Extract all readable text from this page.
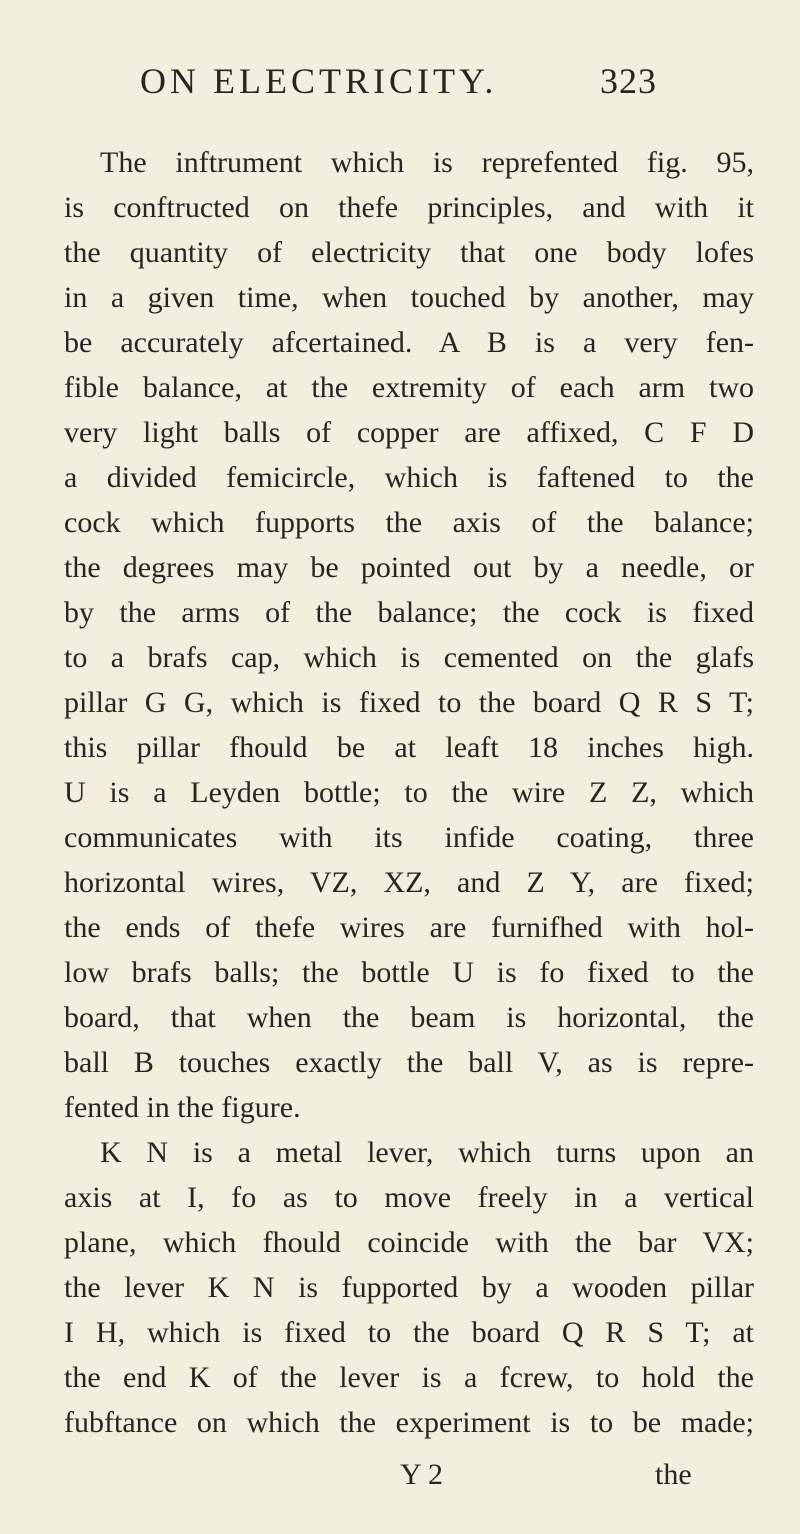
ON ELECTRICITY.	323
The inftrument which is reprefented fig. 95,
is conftructed on thefe principles, and with it
the quantity of electricity that one body lofes
in a given time, when touched by another, may
be accurately afcertained. A B is a very fen-
fible balance, at the extremity of each arm two
very light balls of copper are affixed, C F D
a divided femicircle, which is faftened to the
cock which fupports the axis of the balance;
the degrees may be pointed out by a needle, or
by the arms of the balance; the cock is fixed
to a brafs cap, which is cemented on the glafs
pillar G G, which is fixed to the board Q R S T;
this pillar fhould be at leaft 18 inches high.
U is a Leyden bottle; to the wire Z Z, which
communicates with its infide coating, three
horizontal wires, VZ, XZ, and Z Y, are fixed;
the ends of thefe wires are furnifhed with hol-
low brafs balls; the bottle U is fo fixed to the
board, that when the beam is horizontal, the
ball B touches exactly the ball V, as is repre-
fented in the figure.
K N is a metal lever, which turns upon an
axis at I, fo as to move freely in a vertical
plane, which fhould coincide with the bar VX;
the lever K N is fupported by a wooden pillar
I H, which is fixed to the board Q R S T; at
the end K of the lever is a fcrew, to hold the
fubftance on which the experiment is to be made;
Y 2	the
